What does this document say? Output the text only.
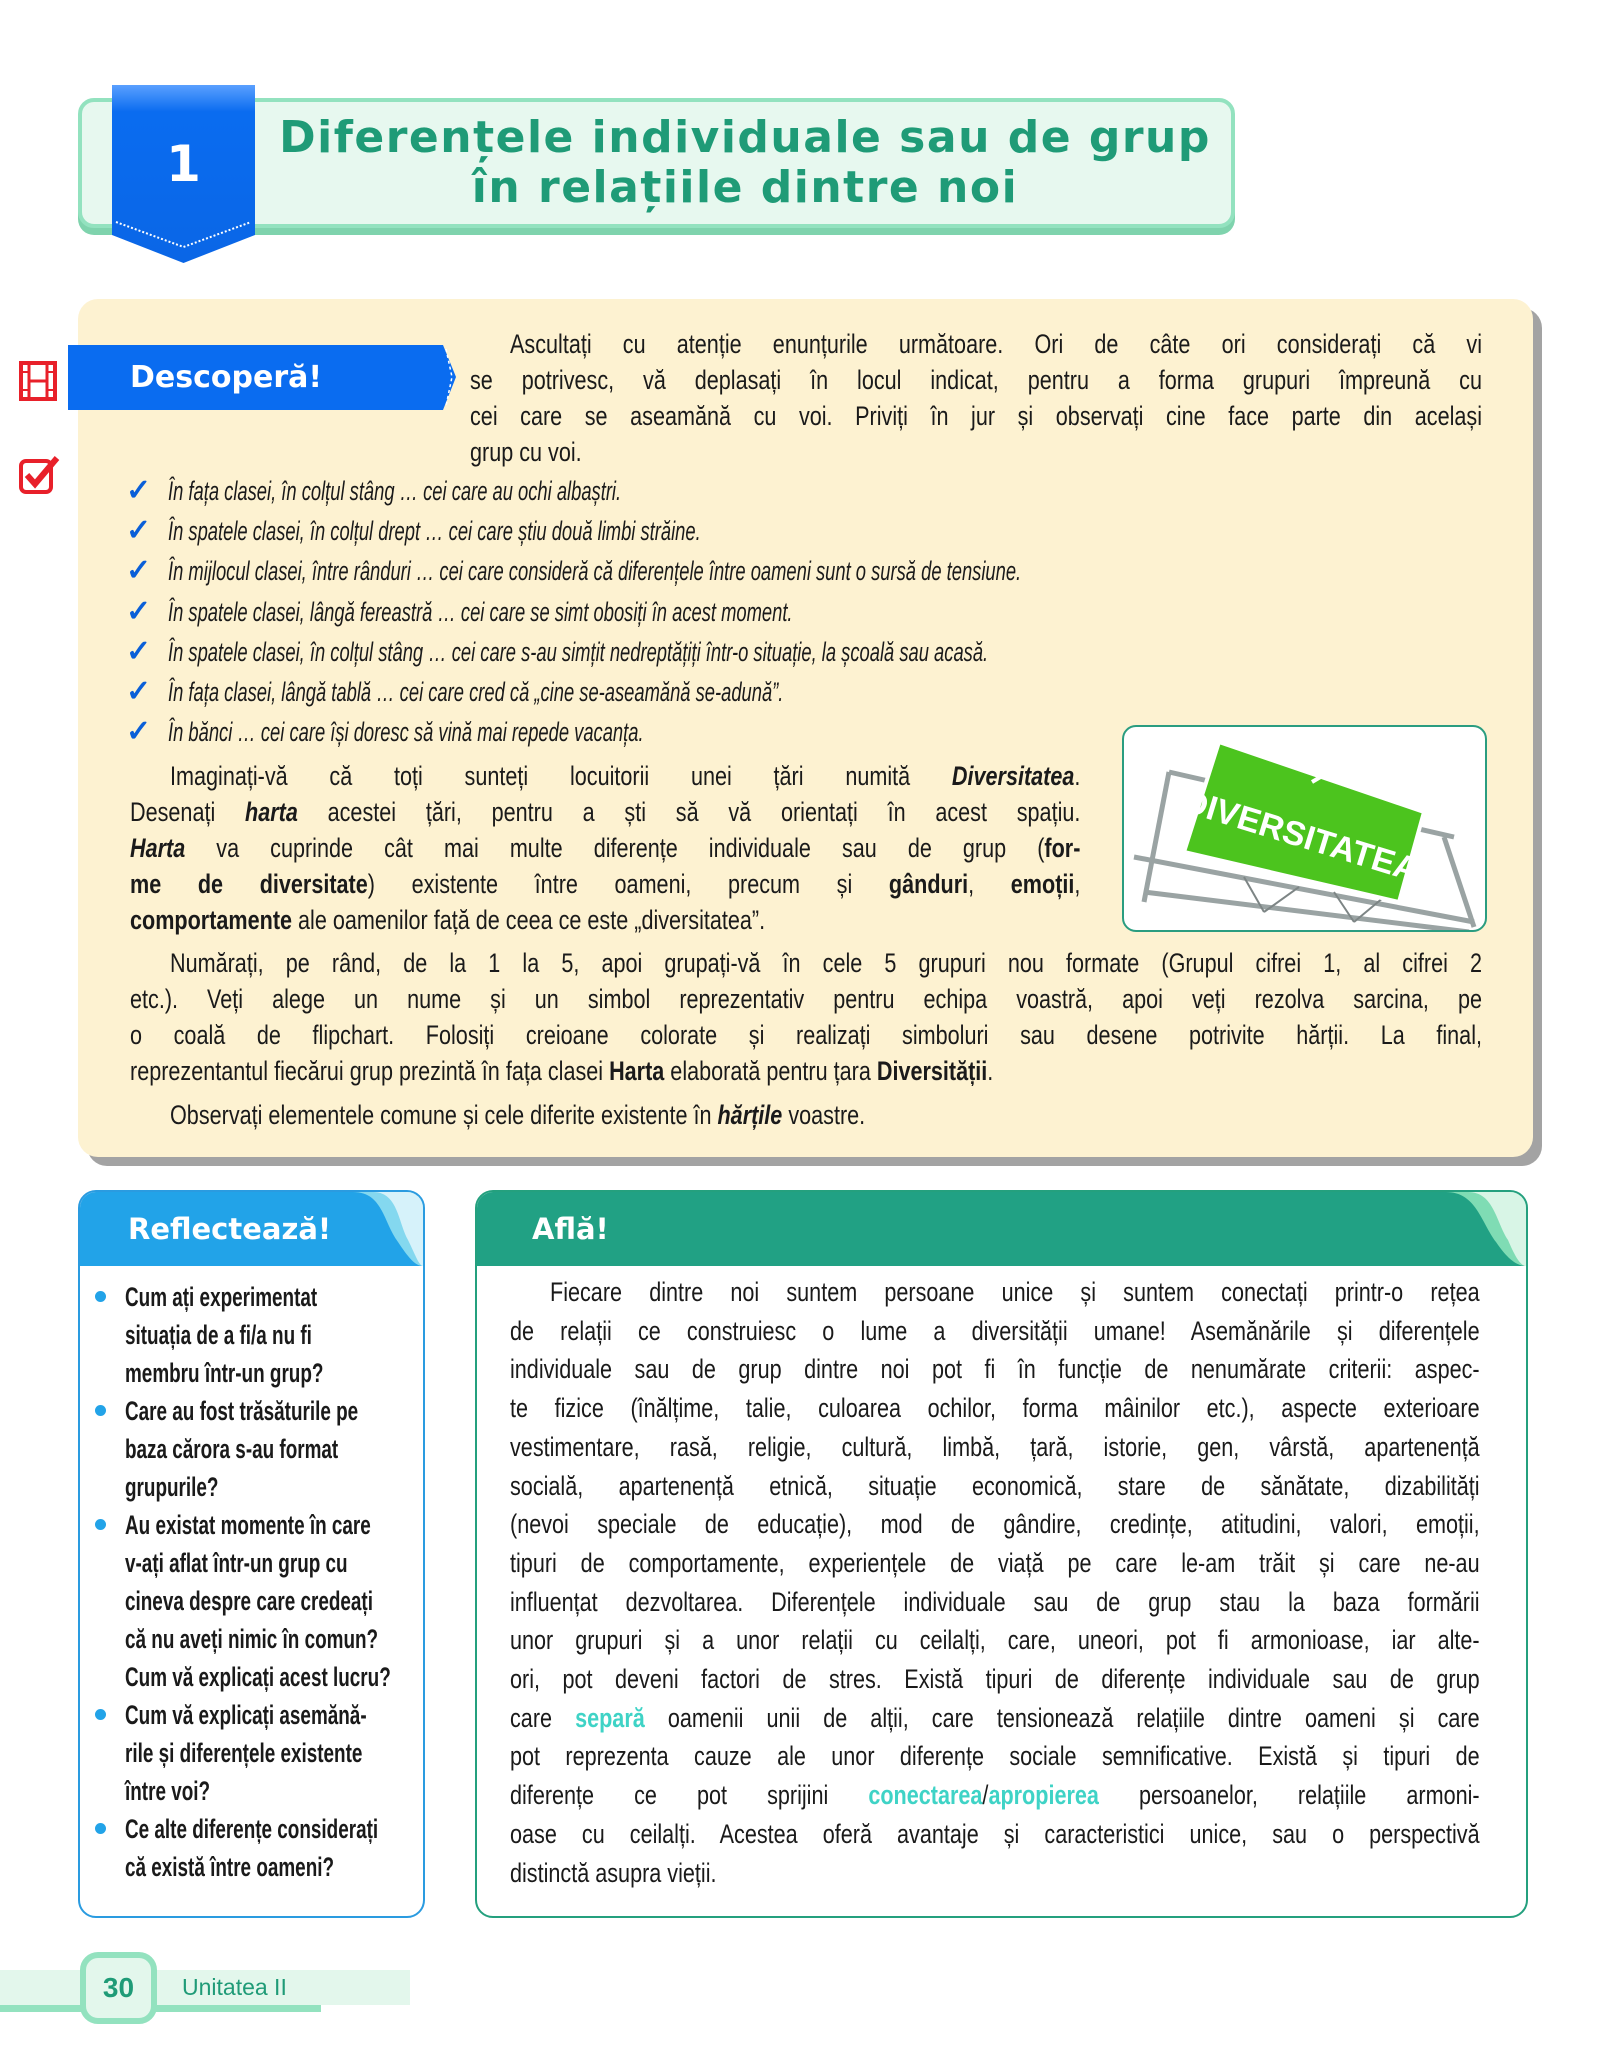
1	Diferențele individuale sau de grup
în relațiile dintre noi
Descoperă!
Ascultați cu atenție enunțurile următoare. Ori de câte ori considerați că vi
se potrivesc, vă deplasați în locul indicat, pentru a forma grupuri împreună cu
cei care se aseamănă cu voi. Priviți în jur și observați cine face parte din același
grup cu voi.
✓ În fața clasei, în colțul stâng … cei care au ochi albaștri.
✓ În spatele clasei, în colțul drept … cei care știu două limbi străine.
✓ În mijlocul clasei, între rânduri … cei care consideră că diferențele între oameni sunt o sursă de tensiune.
✓ În spatele clasei, lângă fereastră … cei care se simt obosiți în acest moment.
✓ În spatele clasei, în colțul stâng … cei care s-au simțit nedreptățiți într-o situație, la școală sau acasă.
✓ În fața clasei, lângă tablă … cei care cred că „cine se-aseamănă se-adună”.
✓ În bănci … cei care își doresc să vină mai repede vacanța.
DIVERSITATEA
Imaginați-vă că toți sunteți locuitorii unei țări numită Diversitatea.
Desenați harta acestei țări, pentru a ști să vă orientați în acest spațiu.
Harta va cuprinde cât mai multe diferențe individuale sau de grup (for-
me de diversitate) existente între oameni, precum și gânduri, emoții,
comportamente ale oamenilor față de ceea ce este „diversitatea”.
Numărați, pe rând, de la 1 la 5, apoi grupați-vă în cele 5 grupuri nou formate (Grupul cifrei 1, al cifrei 2
etc.). Veți alege un nume și un simbol reprezentativ pentru echipa voastră, apoi veți rezolva sarcina, pe
o coală de flipchart. Folosiți creioane colorate și realizați simboluri sau desene potrivite hărții. La final,
reprezentantul fiecărui grup prezintă în fața clasei Harta elaborată pentru țara Diversității.
Observați elementele comune și cele diferite existente în hărțile voastre.
Reflectează!
Cum ați experimentat
situația de a fi/a nu fi
membru într-un grup?
Care au fost trăsăturile pe
baza cărora s-au format
grupurile?
Au existat momente în care
v-ați aflat într-un grup cu
cineva despre care credeați
că nu aveți nimic în comun?
Cum vă explicați acest lucru?
Cum vă explicați asemănă-
rile și diferențele existente
între voi?
Ce alte diferențe considerați
că există între oameni?
Află!
Fiecare dintre noi suntem persoane unice și suntem conectați printr-o rețea
de relații ce construiesc o lume a diversității umane! Asemănările și diferențele
individuale sau de grup dintre noi pot fi în funcție de nenumărate criterii: aspec-
te fizice (înălțime, talie, culoarea ochilor, forma mâinilor etc.), aspecte exterioare
vestimentare, rasă, religie, cultură, limbă, țară, istorie, gen, vârstă, apartenență
socială, apartenență etnică, situație economică, stare de sănătate, dizabilități
(nevoi speciale de educație), mod de gândire, credințe, atitudini, valori, emoții,
tipuri de comportamente, experiențele de viață pe care le-am trăit și care ne-au
influențat dezvoltarea. Diferențele individuale sau de grup stau la baza formării
unor grupuri și a unor relații cu ceilalți, care, uneori, pot fi armonioase, iar alte-
ori, pot deveni factori de stres. Există tipuri de diferențe individuale sau de grup
care separă oamenii unii de alții, care tensionează relațiile dintre oameni și care
pot reprezenta cauze ale unor diferențe sociale semnificative. Există și tipuri de
diferențe ce pot sprijini conectarea/apropierea persoanelor, relațiile armoni-
oase cu ceilalți. Acestea oferă avantaje și caracteristici unice, sau o perspectivă
distinctă asupra vieții.
30	Unitatea II
